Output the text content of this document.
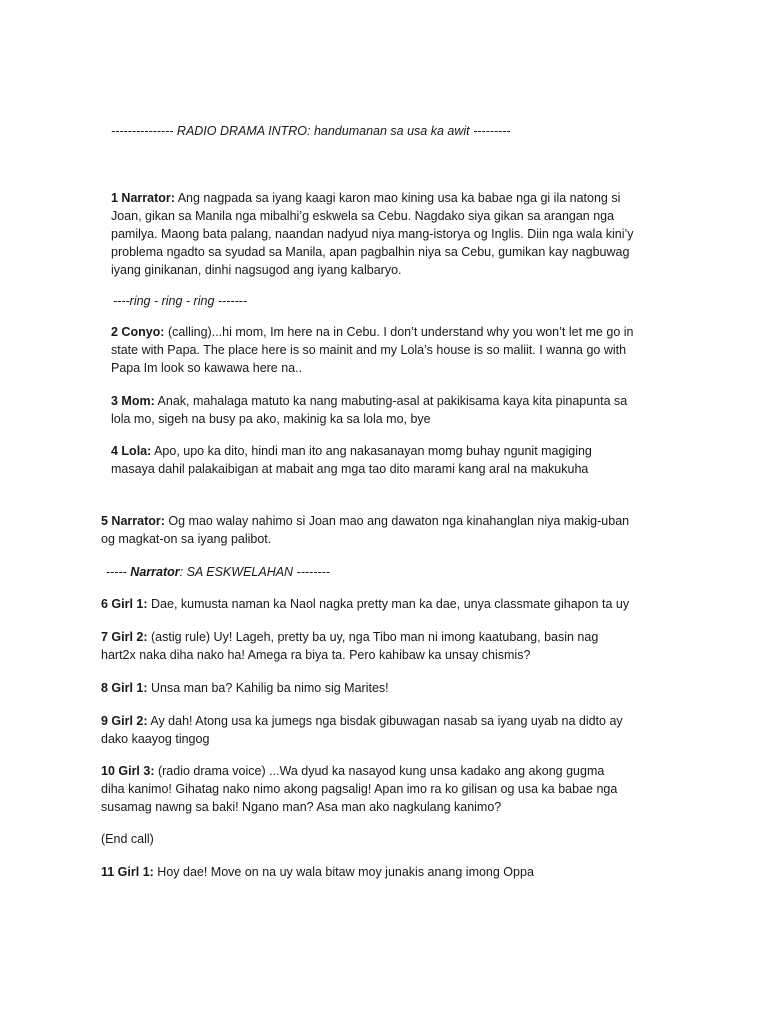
--------------- RADIO DRAMA INTRO: handumanan sa usa ka awit ---------
1 Narrator: Ang nagpada sa iyang kaagi karon mao kining usa ka babae nga gi ila natong si
Joan, gikan sa Manila nga mibalhi’g eskwela sa Cebu. Nagdako siya gikan sa arangan nga
pamilya. Maong bata palang, naandan nadyud niya mang-istorya og Inglis. Diin nga wala kini’y
problema ngadto sa syudad sa Manila, apan pagbalhin niya sa Cebu, gumikan kay nagbuwag
iyang ginikanan, dinhi nagsugod ang iyang kalbaryo.
----ring - ring - ring -------
2 Conyo: (calling)...hi mom, Im here na in Cebu. I don’t understand why you won’t let me go in
state with Papa. The place here is so mainit and my Lola’s house is so maliit. I wanna go with
Papa Im look so kawawa here na..
3 Mom: Anak, mahalaga matuto ka nang mabuting-asal at pakikisama kaya kita pinapunta sa
lola mo, sigeh na busy pa ako, makinig ka sa lola mo, bye
4 Lola: Apo, upo ka dito, hindi man ito ang nakasanayan momg buhay ngunit magiging
masaya dahil palakaibigan at mabait ang mga tao dito marami kang aral na makukuha
5 Narrator: Og mao walay nahimo si Joan mao ang dawaton nga kinahanglan niya makig-uban
og magkat-on sa iyang palibot.
----- Narrator: SA ESKWELAHAN --------
6 Girl 1: Dae, kumusta naman ka Naol nagka pretty man ka dae, unya classmate gihapon ta uy
7 Girl 2: (astig rule) Uy! Lageh, pretty ba uy, nga Tibo man ni imong kaatubang, basin nag
hart2x naka diha nako ha! Amega ra biya ta. Pero kahibaw ka unsay chismis?
8 Girl 1: Unsa man ba? Kahilig ba nimo sig Marites!
9 Girl 2: Ay dah! Atong usa ka jumegs nga bisdak gibuwagan nasab sa iyang uyab na didto ay
dako kaayog tingog
10 Girl 3: (radio drama voice) ...Wa dyud ka nasayod kung unsa kadako ang akong gugma
diha kanimo! Gihatag nako nimo akong pagsalig! Apan imo ra ko gilisan og usa ka babae nga
susamag nawng sa baki! Ngano man? Asa man ako nagkulang kanimo?
(End call)
11 Girl 1: Hoy dae! Move on na uy wala bitaw moy junakis anang imong Oppa
